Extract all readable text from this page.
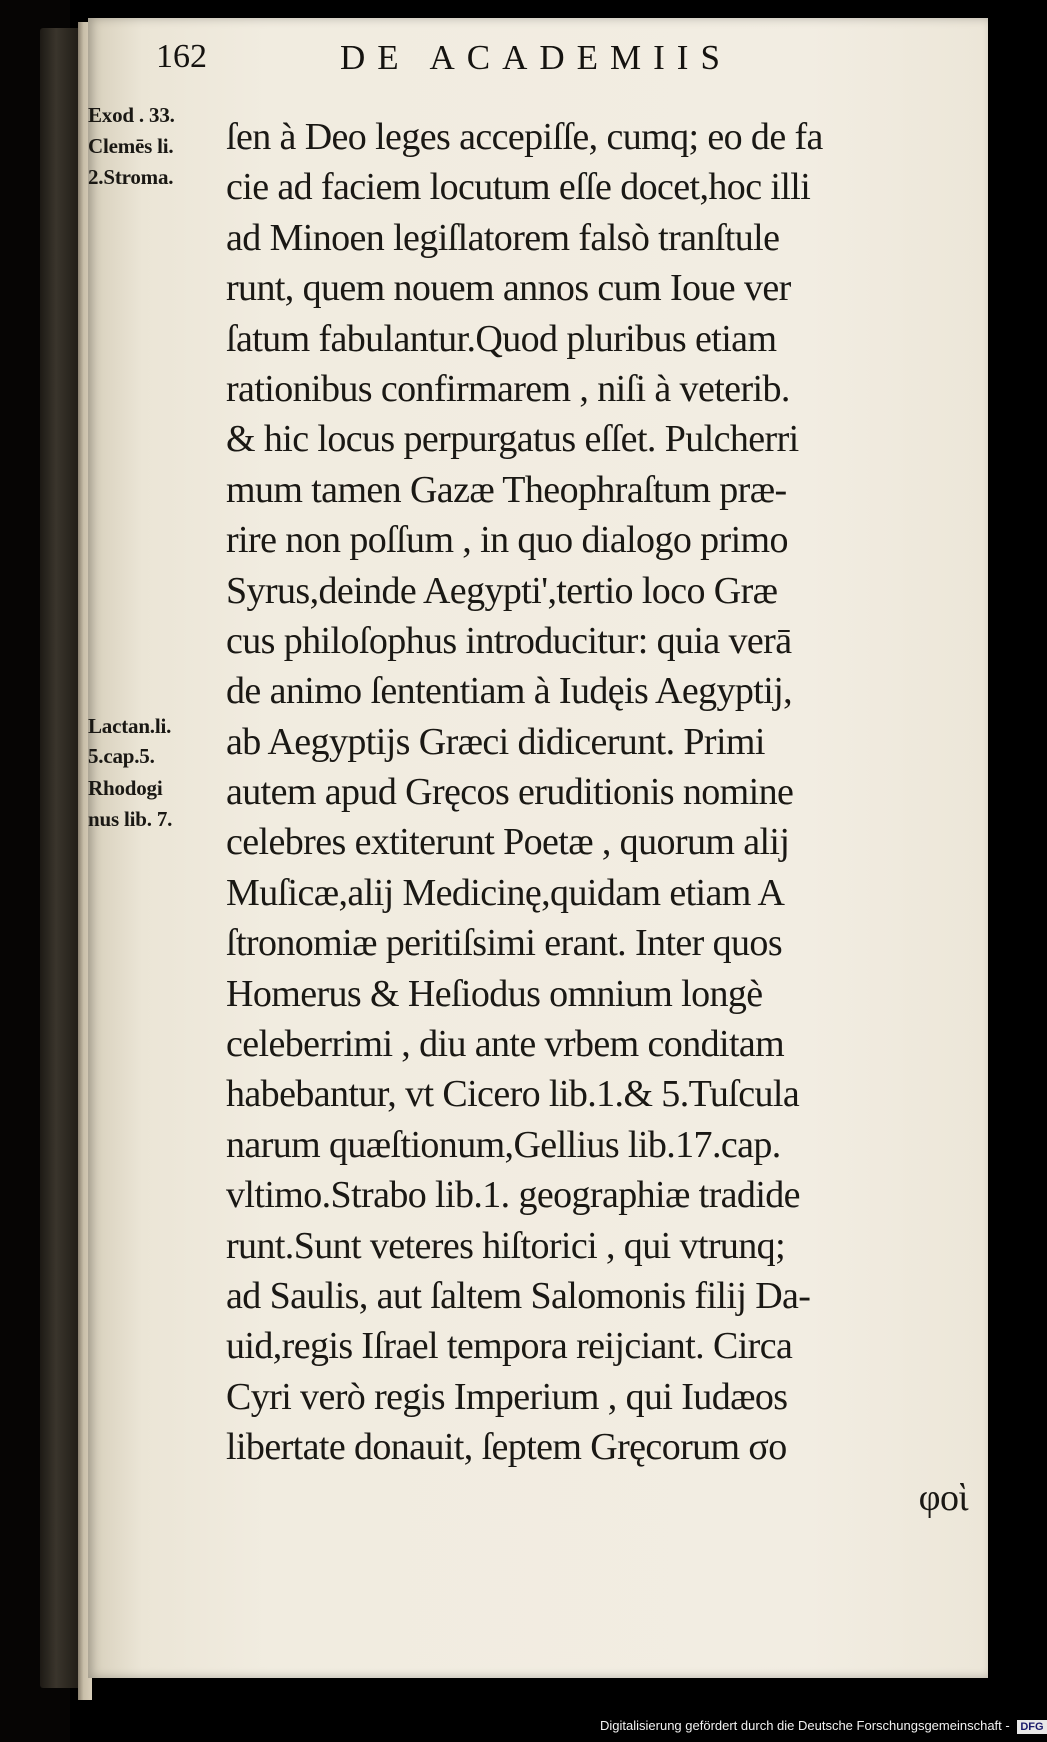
162	DE ACADEMIIS
Exod . 33.
Clemēs li.
2.Stroma.
Lactan.li.
5.cap.5.
Rhodogi
nus lib. 7.
ſen à Deo leges accepiſſe, cumq; eo de fa
cie ad faciem locutum eſſe docet,hoc illi
ad Minoen legiſlatorem falsò tranſtule
runt, quem nouem annos cum Ioue ver
ſatum fabulantur.Quod pluribus etiam
rationibus confirmarem , niſi à veterib.
& hic locus perpurgatus eſſet. Pulcherri
mum tamen Gazæ Theophraſtum præ-
rire non poſſum , in quo dialogo primo
Syrus,deinde Aegypti',tertio loco Græ
cus philoſophus introducitur: quia verā
de animo ſententiam à Iudęis Aegyptij,
ab Aegyptijs Græci didicerunt. Primi
autem apud Gręcos eruditionis nomine
celebres extiterunt Poetæ , quorum alij
Muſicæ,alij Medicinę,quidam etiam A
ſtronomiæ peritiſsimi erant. Inter quos
Homerus & Heſiodus omnium longè
celeberrimi , diu ante vrbem conditam
habebantur, vt Cicero lib.1.& 5.Tuſcula
narum quæſtionum,Gellius lib.17.cap.
vltimo.Strabo lib.1. geographiæ tradide
runt.Sunt veteres hiſtorici , qui vtrunq;
ad Saulis, aut ſaltem Salomonis filij Da-
uid,regis Iſrael tempora reijciant. Circa
Cyri verò regis Imperium , qui Iudæos
libertate donauit, ſeptem Gręcorum σο
φοὶ
Digitalisierung gefördert durch die Deutsche Forschungsgemeinschaft - DFG
